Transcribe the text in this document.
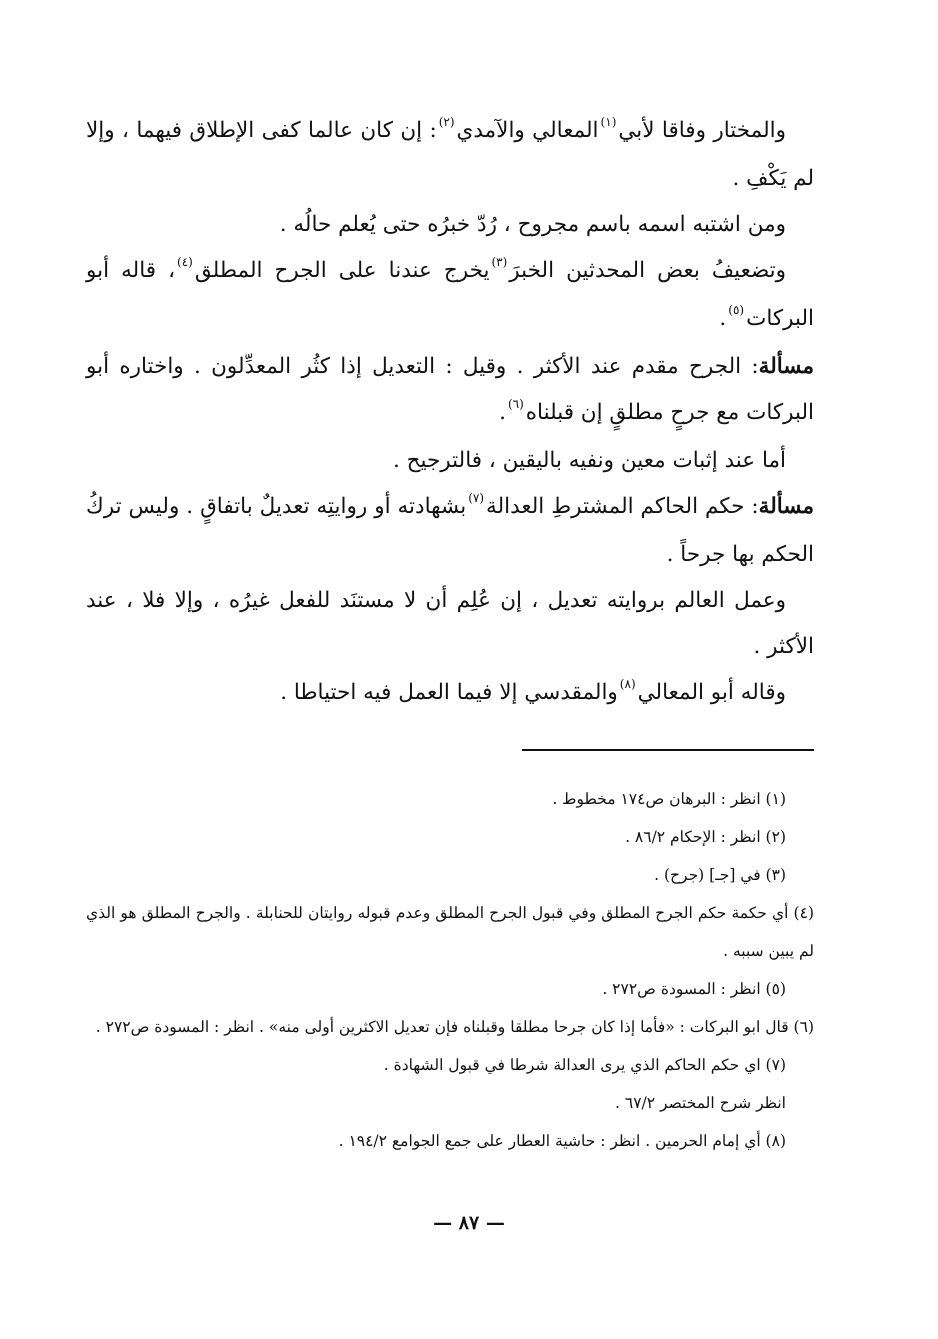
والمختار وفاقا لأبي$^{(١)}$المعالي والآمدي$^{(٢)}$: إن كان عالما كفى الإطلاق فيهما ، وإلا لم يَكْفِ .

ومن اشتبه اسمه باسم مجروح ، رُدّ خبرُه حتى يُعلم حالُه .

وتضعيفُ بعض المحدثين الخبرَ$^{(٣)}$يخرج عندنا على الجرح المطلق$^{(٤)}$، قاله أبو البركات$^{(٥)}$.

مسألة: الجرح مقدم عند الأكثر . وقيل : التعديل إذا كثُر المعدِّلون . واختاره أبو البركات مع جرحٍ مطلقٍ إن قبلناه$^{(٦)}$.

أما عند إثبات معين ونفيه باليقين ، فالترجيح .

مسألة: حكم الحاكم المشترطِ العدالة$^{(٧)}$بشهادته أو روايتِه تعديلٌ باتفاقٍ . وليس تركُ الحكم بها جرحاً .

وعمل العالم بروايته تعديل ، إن عُلِم أن لا مستنَد للفعل غيرُه ، وإلا فلا ، عند الأكثر .

وقاله أبو المعالي$^{(٨)}$والمقدسي إلا فيما العمل فيه احتياطا .

(١) انظر : البرهان ص١٧٤ مخطوط .

(٢) انظر : الإحكام ٨٦/٢ .

(٣) في [جـ] (جرح) .

(٤) أي حكمة حكم الجرح المطلق وفي قبول الجرح المطلق وعدم قبوله روايتان للحنابلة . والجرح المطلق هو الذي لم يبين سببه .

(٥) انظر : المسودة ص٢٧٢ .

(٦) قال ابو البركات : «فأما إذا كان جرحا مطلقا وقبلناه فإن تعديل الاكثرين أولى منه» . انظر : المسودة ص٢٧٢ .

(٧) اي حكم الحاكم الذي يرى العدالة شرطا في قبول الشهادة .

انظر شرح المختصر ٦٧/٢ .

(٨) أي إمام الحرمين . انظر : حاشية العطار على جمع الجوامع ١٩٤/٢ .

— ٨٧ —
